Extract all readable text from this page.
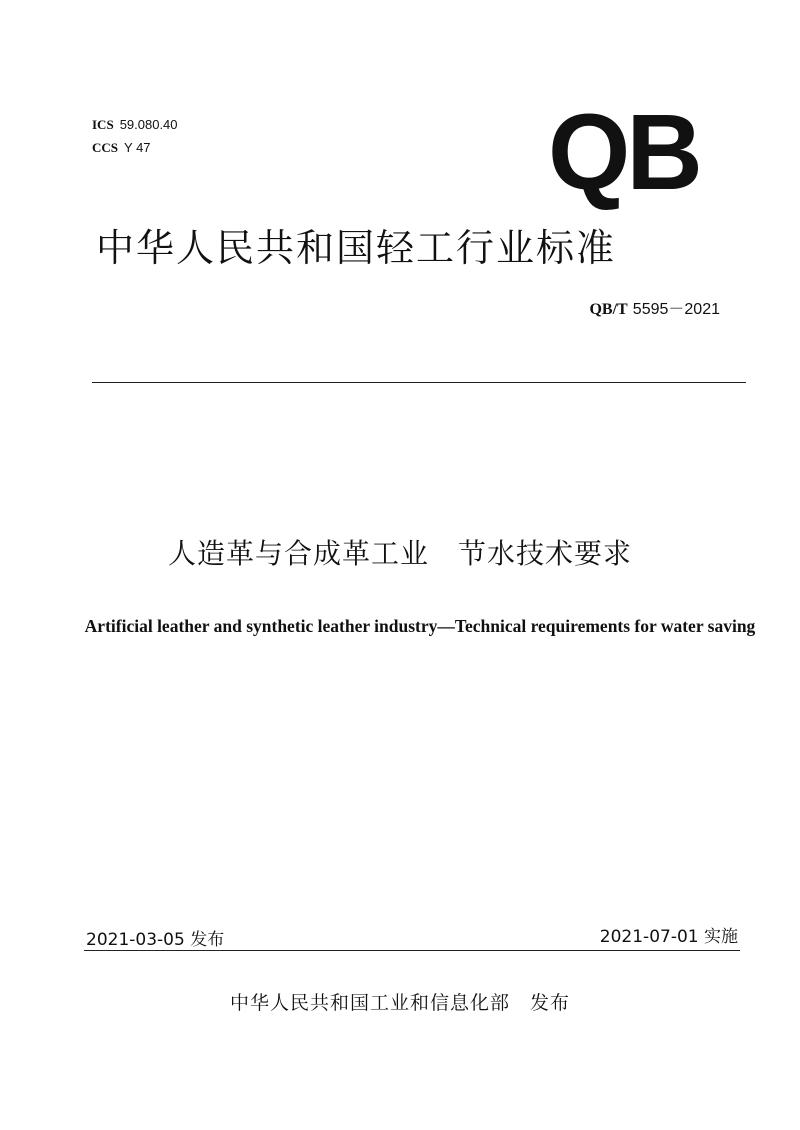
ICS 59.080.40
CCS Y 47	QB
中华人民共和国轻工行业标准
QB/T 5595－2021
人造革与合成革工业　节水技术要求
Artificial leather and synthetic leather industry—Technical requirements for water saving
2021-03-05 发布	2021-07-01 实施
中华人民共和国工业和信息化部　发布
